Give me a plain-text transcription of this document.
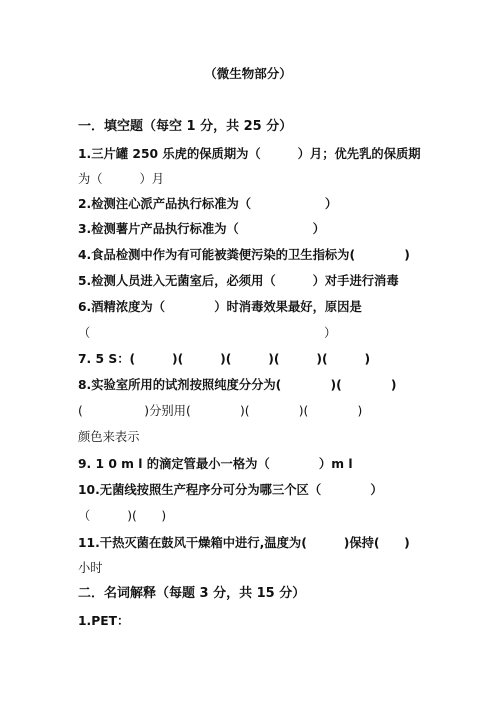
（微生物部分）
一．填空题（每空 1 分，共 25 分）
1.三片罐 250 乐虎的保质期为（　　　）月；优先乳的保质期
为（　　　）月
2.检测注心派产品执行标准为（　　　　　　）
3.检测薯片产品执行标准为（　　　　　　）
4.食品检测中作为有可能被粪便污染的卫生指标为(　　　　)
5.检测人员进入无菌室后，必须用（　　　）对手进行消毒
6.酒精浓度为（　　　　）时消毒效果最好，原因是
（　　　　　　　　　　　　　　　　　　　）
7. 5 S：(　　　)(　　　)(　　　)(　　　)(　　　)
8.实验室所用的试剂按照纯度分分为(　　　　)(　　　　)
(　　　　　)分别用(　　　　)(　　　　)(　　　　)
颜色来表示
9. 1 0 m l 的滴定管最小一格为（　　　　）m l
10.无菌线按照生产程序分可分为哪三个区（　　　　）
（　　　)(　　)
11.干热灭菌在鼓风干燥箱中进行,温度为(　　　)保持(　　)
小时
二．名词解释（每题 3 分，共 15 分）
1.PET：
